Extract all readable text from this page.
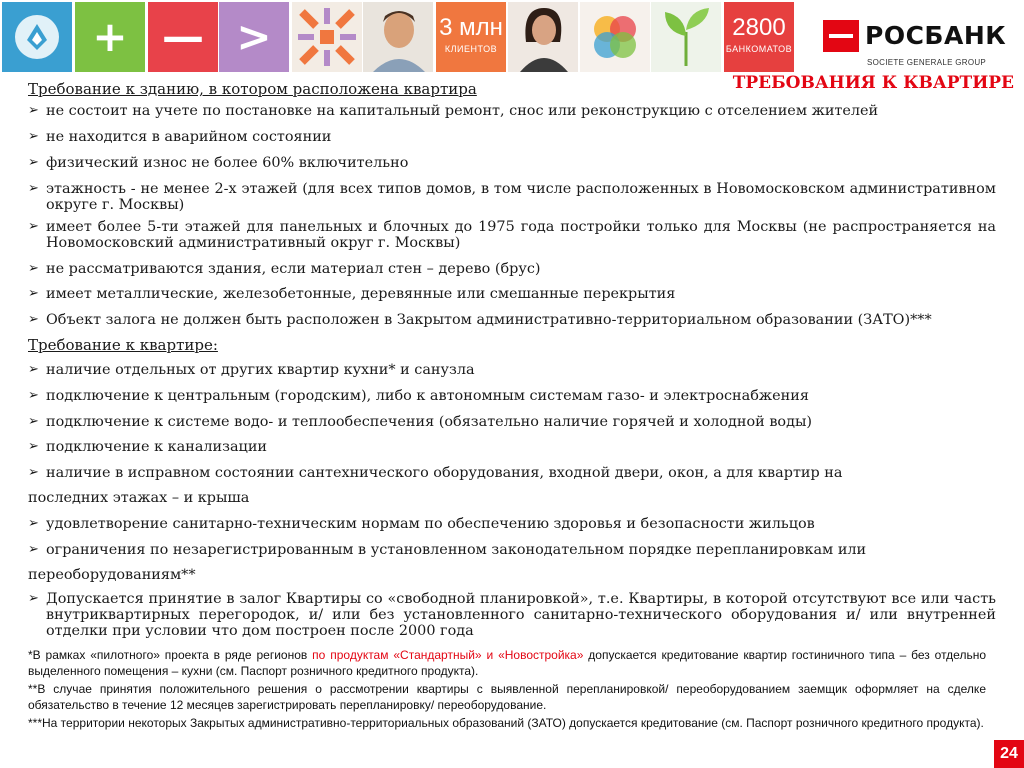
+ — >	3 млн
КЛИЕНТОВ
2800
БАНКОМАТОВ	РОСБАНК
SOCIETE GENERALE GROUP
ТРЕБОВАНИЯ К КВАРТИРЕ
Требование к зданию, в котором расположена квартира
➢ не состоит на учете по постановке на капитальный ремонт, снос или реконструкцию с отселением жителей
➢ не находится в аварийном состоянии
➢ физический износ не более 60% включительно
➢ этажность - не менее 2-х этажей (для всех типов домов, в том числе расположенных в Новомосковском административном округе г. Москвы)
➢ имеет более 5-ти этажей для панельных и блочных до 1975 года постройки только для Москвы (не распространяется на Новомосковский административный округ г. Москвы)
➢ не рассматриваются здания, если материал стен – дерево (брус)
➢ имеет металлические, железобетонные, деревянные или смешанные перекрытия
➢ Объект залога не должен быть расположен в Закрытом административно-территориальном образовании (ЗАТО)***
Требование к квартире:
➢ наличие отдельных от других квартир кухни* и санузла
➢ подключение к центральным (городским), либо к автономным системам газо- и электроснабжения
➢ подключение к системе водо- и теплообеспечения (обязательно наличие горячей и холодной воды)
➢ подключение к канализации
➢ наличие в исправном состоянии сантехнического оборудования, входной двери, окон, а для квартир на
последних этажах – и крыша
➢ удовлетворение санитарно-техническим нормам по обеспечению здоровья и безопасности жильцов
➢ ограничения по незарегистрированным в установленном законодательном порядке перепланировкам или
переоборудованиям**
➢ Допускается принятие в залог Квартиры со «свободной планировкой», т.е. Квартиры, в которой отсутствуют все или часть внутриквартирных перегородок, и/ или без установленного санитарно-технического оборудования и/ или внутренней отделки при условии что дом построен после 2000 года
*В рамках «пилотного» проекта в ряде регионов по продуктам «Стандартный» и «Новостройка» допускается кредитование квартир гостиничного типа – без отдельно выделенного помещения – кухни (см. Паспорт розничного кредитного продукта).
**В случае принятия положительного решения о рассмотрении квартиры с выявленной перепланировкой/ переоборудованием заемщик оформляет на сделке обязательство в течение 12 месяцев зарегистрировать перепланировку/ переоборудование.
***На территории некоторых Закрытых административно-территориальных образований (ЗАТО) допускается кредитование (см. Паспорт розничного кредитного продукта).
24
